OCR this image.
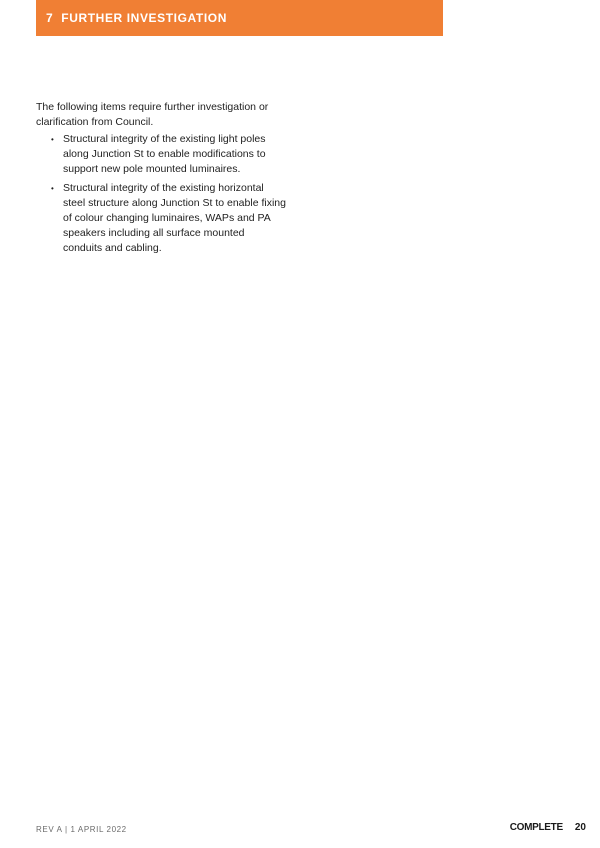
7 FURTHER INVESTIGATION

The following items require further investigation or clarification from Council.

• Structural integrity of the existing light poles along Junction St to enable modifications to support new pole mounted luminaires.
• Structural integrity of the existing horizontal steel structure along Junction St to enable fixing of colour changing luminaires, WAPs and PA speakers including all surface mounted conduits and cabling.
REV A | 1 APRIL 2022	COMPLETE 20
